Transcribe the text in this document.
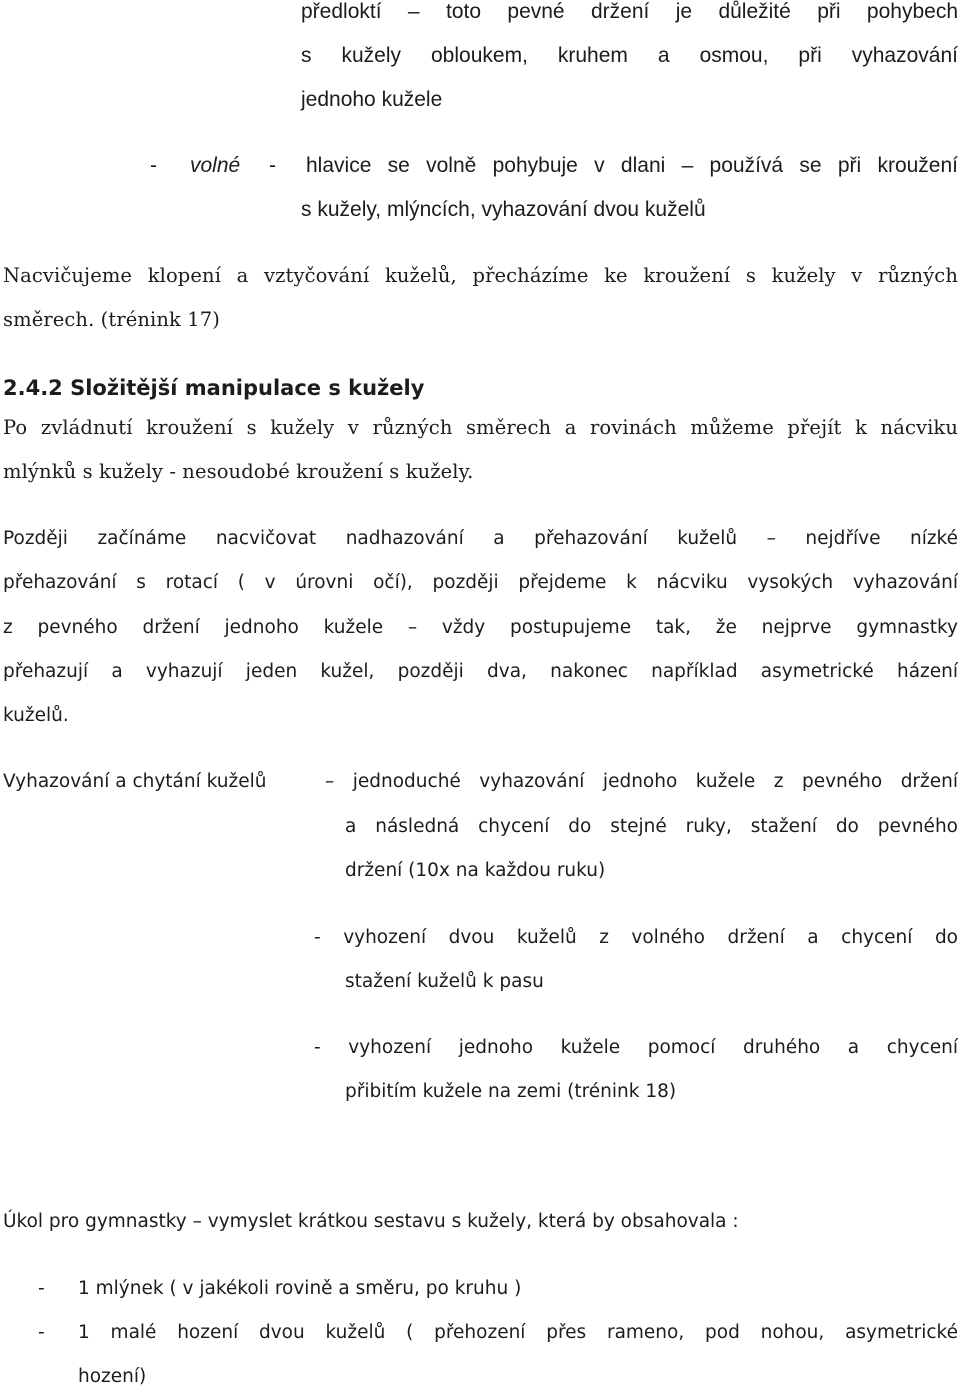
předloktí – toto pevné držení je důležité při pohybech
s kužely obloukem, kruhem a osmou, při vyhazování
jednoho kužele
- volné - hlavice se volně pohybuje v dlani – používá se při kroužení
s kužely, mlýncích, vyhazování dvou kuželů
Nacvičujeme klopení a vztyčování kuželů, přecházíme ke kroužení s kužely v různých
směrech. (trénink 17)
2.4.2 Složitější manipulace s kužely
Po zvládnutí kroužení s kužely v různých směrech a rovinách můžeme přejít k nácviku
mlýnků s kužely - nesoudobé kroužení s kužely.
Později začínáme nacvičovat nadhazování a přehazování kuželů – nejdříve nízké
přehazování s rotací ( v úrovni očí), později přejdeme k nácviku vysokých vyhazování
z pevného držení jednoho kužele – vždy postupujeme tak, že nejprve gymnastky
přehazují a vyhazují jeden kužel, později dva, nakonec například asymetrické házení
kuželů.
Vyhazování a chytání kuželů	– jednoduché vyhazování jednoho kužele z pevného držení
a následná chycení do stejné ruky, stažení do pevného
držení (10x na každou ruku)
- vyhození dvou kuželů z volného držení a chycení do
stažení kuželů k pasu
- vyhození jednoho kužele pomocí druhého a chycení
přibitím kužele na zemi (trénink 18)
Úkol pro gymnastky – vymyslet krátkou sestavu s kužely, která by obsahovala :
- 1 mlýnek ( v jakékoli rovině a směru, po kruhu )
- 1 malé hození dvou kuželů ( přehození přes rameno, pod nohou, asymetrické
hození)
